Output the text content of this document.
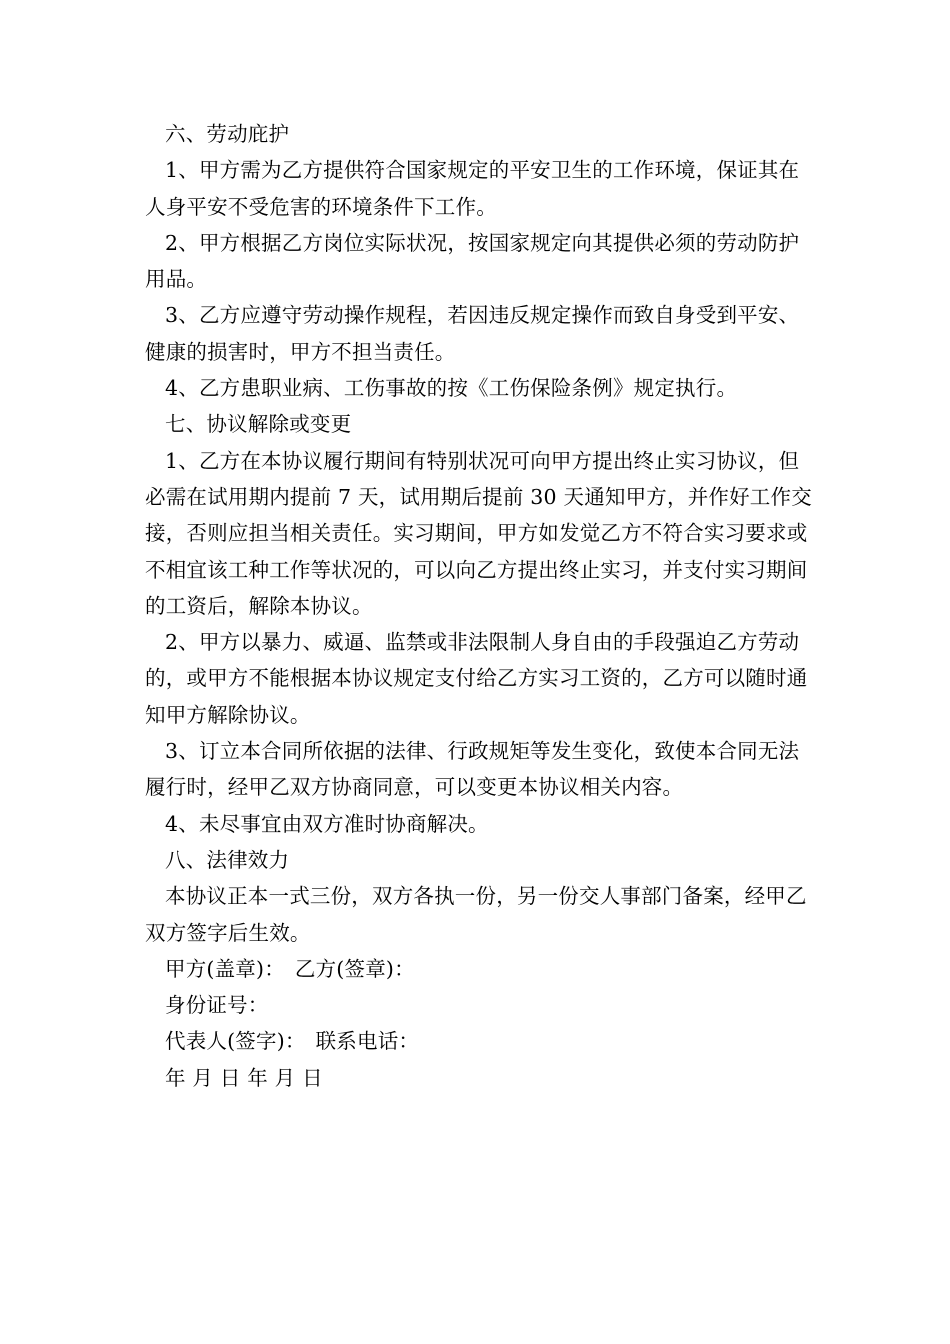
六、劳动庇护

1、甲方需为乙方提供符合国家规定的平安卫生的工作环境，保证其在人身平安不受危害的环境条件下工作。

2、甲方根据乙方岗位实际状况，按国家规定向其提供必须的劳动防护用品。

3、乙方应遵守劳动操作规程，若因违反规定操作而致自身受到平安、健康的损害时，甲方不担当责任。

4、乙方患职业病、工伤事故的按《工伤保险条例》规定执行。

七、协议解除或变更

1、乙方在本协议履行期间有特别状况可向甲方提出终止实习协议，但必需在试用期内提前 7 天，试用期后提前 30 天通知甲方，并作好工作交接，否则应担当相关责任。实习期间，甲方如发觉乙方不符合实习要求或不相宜该工种工作等状况的，可以向乙方提出终止实习，并支付实习期间的工资后，解除本协议。

2、甲方以暴力、威逼、监禁或非法限制人身自由的手段强迫乙方劳动的，或甲方不能根据本协议规定支付给乙方实习工资的，乙方可以随时通知甲方解除协议。

3、订立本合同所依据的法律、行政规矩等发生变化，致使本合同无法履行时，经甲乙双方协商同意，可以变更本协议相关内容。

4、未尽事宜由双方准时协商解决。

八、法律效力

本协议正本一式三份，双方各执一份，另一份交人事部门备案，经甲乙双方签字后生效。

甲方(盖章)： 乙方(签章)：

身份证号：

代表人(签字)： 联系电话：

年 月 日 年 月 日
